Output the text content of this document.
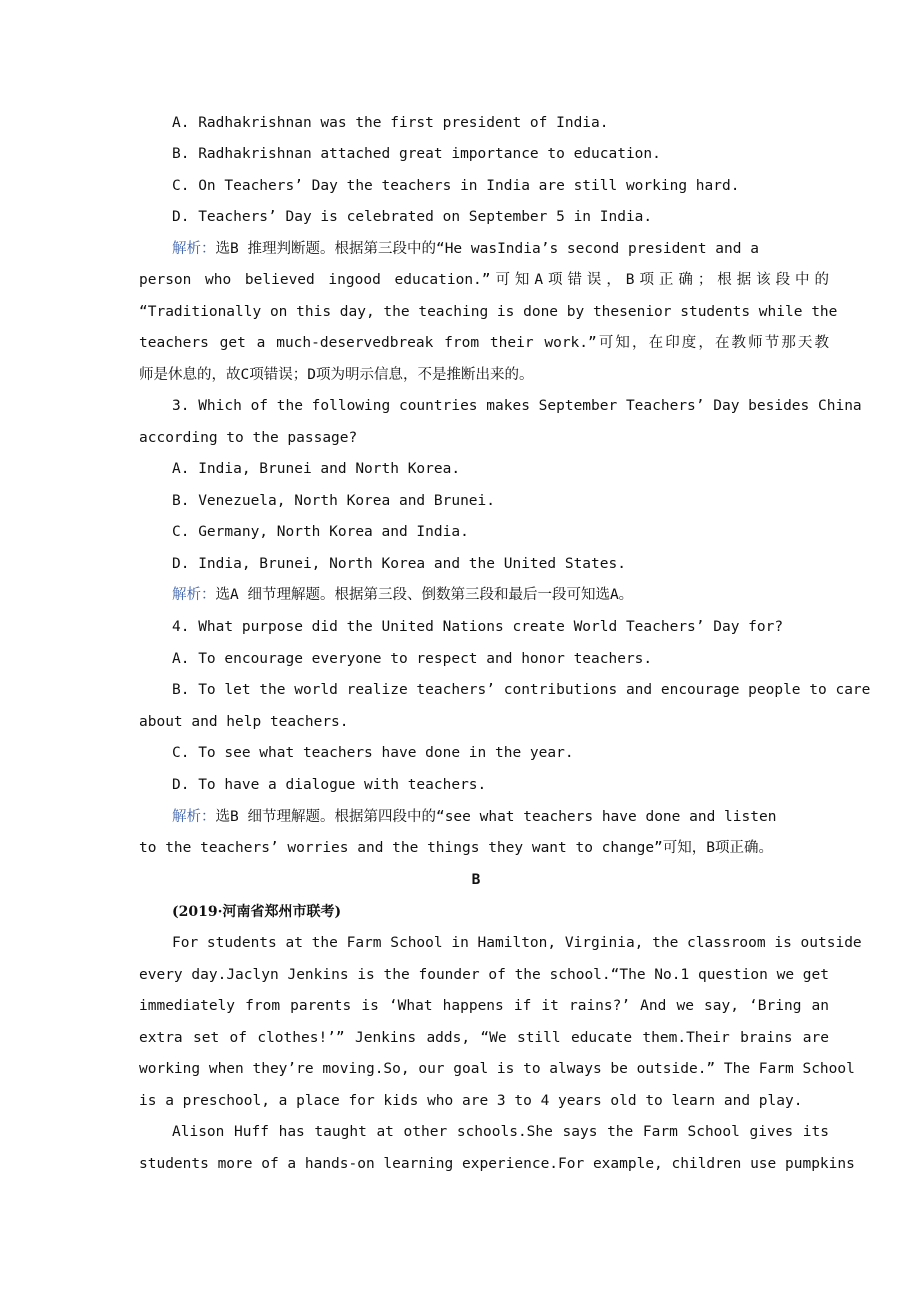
A. Radhakrishnan was the first president of India.
B. Radhakrishnan attached great importance to education.
C. On Teachers’ Day the teachers in India are still working hard.
D. Teachers’ Day is celebrated on September 5 in India.
解析：选B 推理判断题。根据第三段中的“He wasIndia’s second president and a
person who believed ingood education.”可知A项错误，B项正确；根据该段中的
“Traditionally on this day, the teaching is done by thesenior students while the
teachers get a much-deservedbreak from their work.”可知，在印度，在教师节那天教
师是休息的，故C项错误；D项为明示信息，不是推断出来的。
3. Which of the following countries makes September Teachers’ Day besides China
according to the passage?
A. India, Brunei and North Korea.
B. Venezuela, North Korea and Brunei.
C. Germany, North Korea and India.
D. India, Brunei, North Korea and the United States.
解析：选A 细节理解题。根据第三段、倒数第三段和最后一段可知选A。
4. What purpose did the United Nations create World Teachers’ Day for?
A. To encourage everyone to respect and honor teachers.
B. To let the world realize teachers’ contributions and encourage people to care
about and help teachers.
C. To see what teachers have done in the year.
D. To have a dialogue with teachers.
解析：选B 细节理解题。根据第四段中的“see what teachers have done and listen
to the teachers’ worries and the things they want to change”可知，B项正确。
B
(2019·河南省郑州市联考)
For students at the Farm School in Hamilton, Virginia, the classroom is outside
every day.Jaclyn Jenkins is the founder of the school.“The No.1 question we get
immediately from parents is ‘What happens if it rains?’ And we say, ‘Bring an
extra set of clothes!’” Jenkins adds, “We still educate them.Their brains are
working when they’re moving.So, our goal is to always be outside.” The Farm School
is a preschool, a place for kids who are 3 to 4 years old to learn and play.
Alison Huff has taught at other schools.She says the Farm School gives its
students more of a hands-on learning experience.For example, children use pumpkins
